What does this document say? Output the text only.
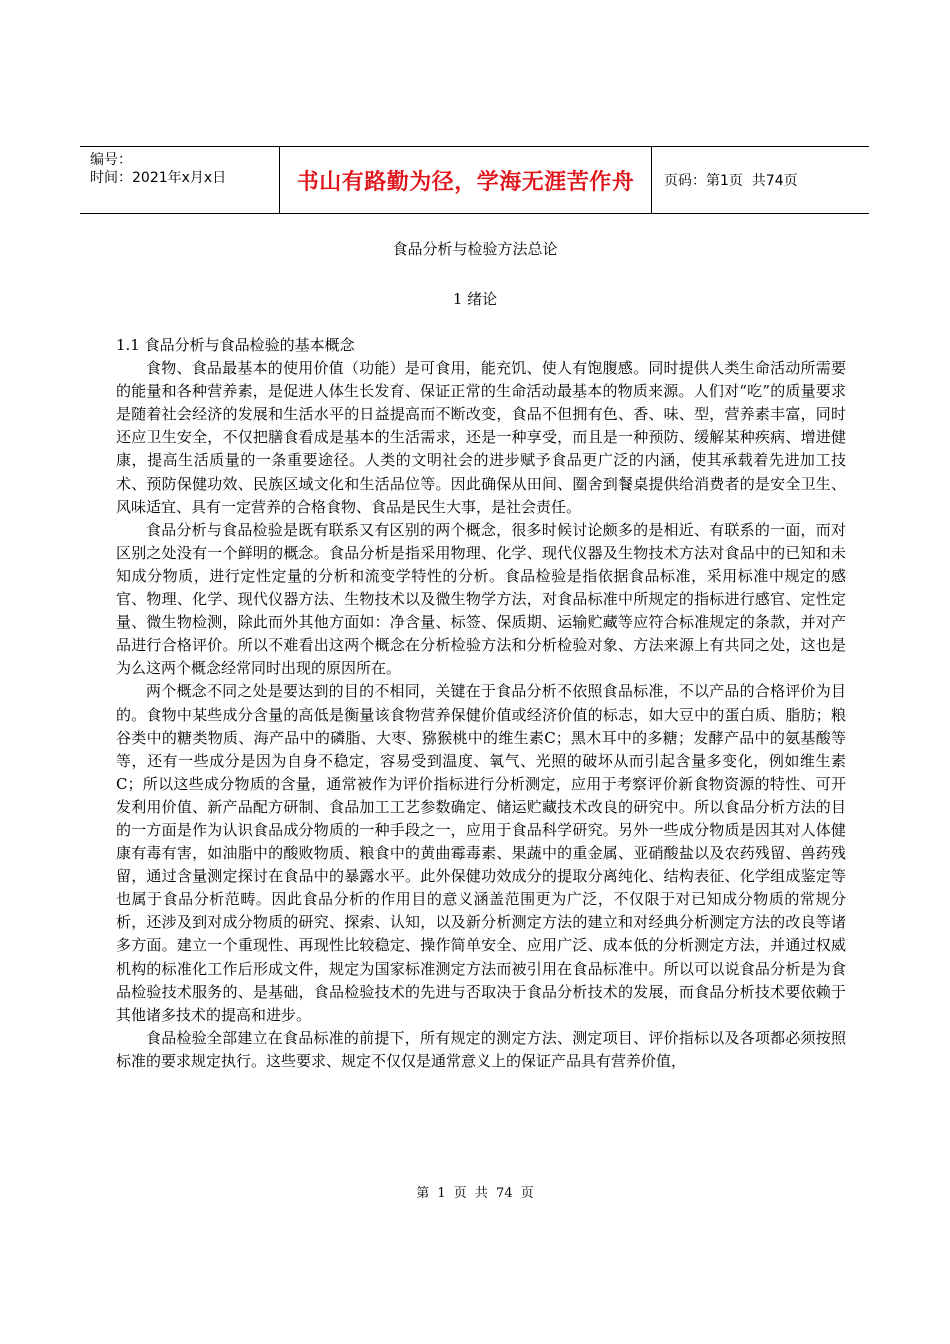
编号：
时间：2021年x月x日	书山有路勤为径，学海无涯苦作舟	页码：第1页  共74页
食品分析与检验方法总论
1 绪论

1.1 食品分析与食品检验的基本概念

食物、食品最基本的使用价值（功能）是可食用，能充饥、使人有饱腹感。同时提供人类生命活动所需要的能量和各种营养素，是促进人体生长发育、保证正常的生命活动最基本的物质来源。人们对“吃”的质量要求是随着社会经济的发展和生活水平的日益提高而不断改变，食品不但拥有色、香、味、型，营养素丰富，同时还应卫生安全，不仅把膳食看成是基本的生活需求，还是一种享受，而且是一种预防、缓解某种疾病、增进健康，提高生活质量的一条重要途径。人类的文明社会的进步赋予食品更广泛的内涵，使其承载着先进加工技术、预防保健功效、民族区域文化和生活品位等。因此确保从田间、圈舍到餐桌提供给消费者的是安全卫生、风味适宜、具有一定营养的合格食物、食品是民生大事，是社会责任。

食品分析与食品检验是既有联系又有区别的两个概念，很多时候讨论颇多的是相近、有联系的一面，而对区别之处没有一个鲜明的概念。食品分析是指采用物理、化学、现代仪器及生物技术方法对食品中的已知和未知成分物质，进行定性定量的分析和流变学特性的分析。食品检验是指依据食品标准，采用标准中规定的感官、物理、化学、现代仪器方法、生物技术以及微生物学方法，对食品标准中所规定的指标进行感官、定性定量、微生物检测，除此而外其他方面如：净含量、标签、保质期、运输贮藏等应符合标准规定的条款，并对产品进行合格评价。所以不难看出这两个概念在分析检验方法和分析检验对象、方法来源上有共同之处，这也是为么这两个概念经常同时出现的原因所在。

两个概念不同之处是要达到的目的不相同，关键在于食品分析不依照食品标准，不以产品的合格评价为目的。食物中某些成分含量的高低是衡量该食物营养保健价值或经济价值的标志，如大豆中的蛋白质、脂肪；粮谷类中的糖类物质、海产品中的磷脂、大枣、猕猴桃中的维生素C；黑木耳中的多糖；发酵产品中的氨基酸等等，还有一些成分是因为自身不稳定，容易受到温度、氧气、光照的破坏从而引起含量多变化，例如维生素C；所以这些成分物质的含量，通常被作为评价指标进行分析测定，应用于考察评价新食物资源的特性、可开发利用价值、新产品配方研制、食品加工工艺参数确定、储运贮藏技术改良的研究中。所以食品分析方法的目的一方面是作为认识食品成分物质的一种手段之一，应用于食品科学研究。另外一些成分物质是因其对人体健康有毒有害，如油脂中的酸败物质、粮食中的黄曲霉毒素、果蔬中的重金属、亚硝酸盐以及农药残留、兽药残留，通过含量测定探讨在食品中的暴露水平。此外保健功效成分的提取分离纯化、结构表征、化学组成鉴定等也属于食品分析范畴。因此食品分析的作用目的意义涵盖范围更为广泛，不仅限于对已知成分物质的常规分析，还涉及到对成分物质的研究、探索、认知，以及新分析测定方法的建立和对经典分析测定方法的改良等诸多方面。建立一个重现性、再现性比较稳定、操作简单安全、应用广泛、成本低的分析测定方法，并通过权威机构的标准化工作后形成文件，规定为国家标准测定方法而被引用在食品标准中。所以可以说食品分析是为食品检验技术服务的、是基础，食品检验技术的先进与否取决于食品分析技术的发展，而食品分析技术要依赖于其他诸多技术的提高和进步。

食品检验全部建立在食品标准的前提下，所有规定的测定方法、测定项目、评价指标以及各项都必须按照标准的要求规定执行。这些要求、规定不仅仅是通常意义上的保证产品具有营养价值，

第 1 页 共 74 页
